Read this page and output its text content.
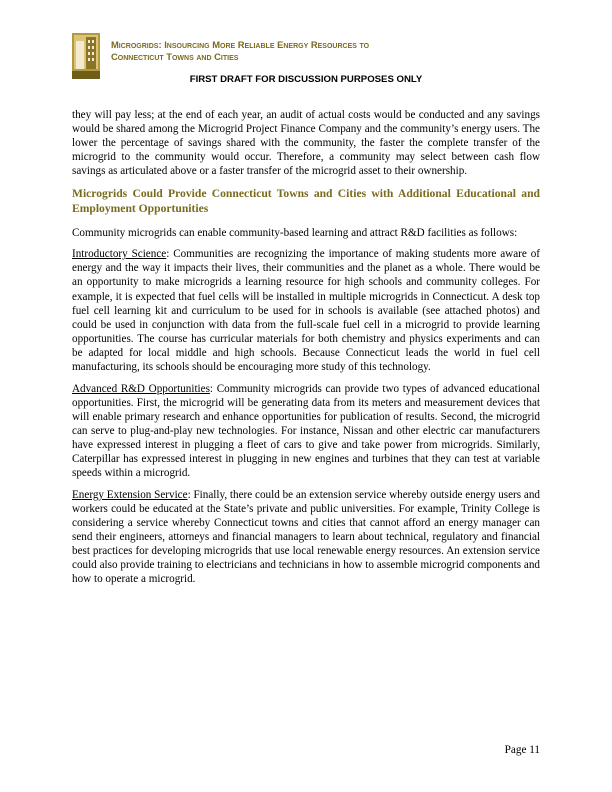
Microgrids: Insourcing More Reliable Energy Resources to
Connecticut Towns and Cities
FIRST DRAFT FOR DISCUSSION PURPOSES ONLY

they will pay less; at the end of each year, an audit of actual costs would be conducted and any savings would be shared among the Microgrid Project Finance Company and the community’s energy users. The lower the percentage of savings shared with the community, the faster the complete transfer of the microgrid to the community would occur. Therefore, a community may select between cash flow savings as articulated above or a faster transfer of the microgrid asset to their ownership.

Microgrids Could Provide Connecticut Towns and Cities with Additional Educational and Employment Opportunities

Community microgrids can enable community-based learning and attract R&D facilities as follows:

Introductory Science: Communities are recognizing the importance of making students more aware of energy and the way it impacts their lives, their communities and the planet as a whole. There would be an opportunity to make microgrids a learning resource for high schools and community colleges. For example, it is expected that fuel cells will be installed in multiple microgrids in Connecticut. A desk top fuel cell learning kit and curriculum to be used for in schools is available (see attached photos) and could be used in conjunction with data from the full-scale fuel cell in a microgrid to provide learning opportunities. The course has curricular materials for both chemistry and physics experiments and can be adapted for local middle and high schools. Because Connecticut leads the world in fuel cell manufacturing, its schools should be encouraging more study of this technology.

Advanced R&D Opportunities: Community microgrids can provide two types of advanced educational opportunities. First, the microgrid will be generating data from its meters and measurement devices that will enable primary research and enhance opportunities for publication of results. Second, the microgrid can serve to plug-and-play new technologies. For instance, Nissan and other electric car manufacturers have expressed interest in plugging a fleet of cars to give and take power from microgrids. Similarly, Caterpillar has expressed interest in plugging in new engines and turbines that they can test at variable speeds within a microgrid.

Energy Extension Service: Finally, there could be an extension service whereby outside energy users and workers could be educated at the State’s private and public universities. For example, Trinity College is considering a service whereby Connecticut towns and cities that cannot afford an energy manager can send their engineers, attorneys and financial managers to learn about technical, regulatory and financial best practices for developing microgrids that use local renewable energy resources. An extension service could also provide training to electricians and technicians in how to assemble microgrid components and how to operate a microgrid.

Page 11
